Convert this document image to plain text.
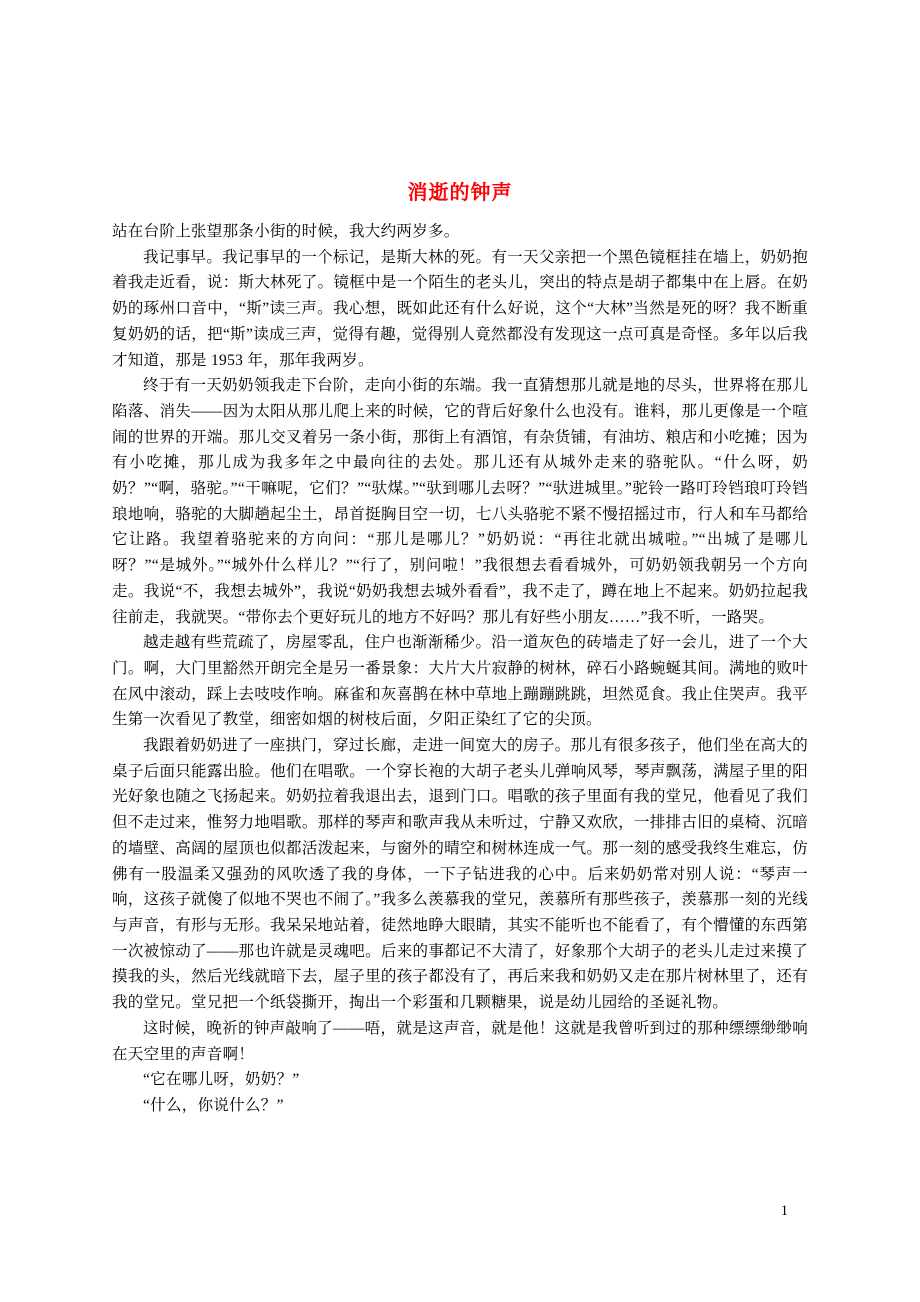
消逝的钟声

站在台阶上张望那条小街的时候，我大约两岁多。

我记事早。我记事早的一个标记，是斯大林的死。有一天父亲把一个黑色镜框挂在墙上，奶奶抱着我走近看，说：斯大林死了。镜框中是一个陌生的老头儿，突出的特点是胡子都集中在上唇。在奶奶的琢州口音中，“斯”读三声。我心想，既如此还有什么好说，这个“大林”当然是死的呀？我不断重复奶奶的话，把“斯”读成三声，觉得有趣，觉得别人竟然都没有发现这一点可真是奇怪。多年以后我才知道，那是 1953 年，那年我两岁。

终于有一天奶奶领我走下台阶，走向小街的东端。我一直猜想那儿就是地的尽头，世界将在那儿陷落、消失——因为太阳从那儿爬上来的时候，它的背后好象什么也没有。谁料，那儿更像是一个喧闹的世界的开端。那儿交叉着另一条小街，那街上有酒馆，有杂货铺，有油坊、粮店和小吃摊；因为有小吃摊，那儿成为我多年之中最向往的去处。那儿还有从城外走来的骆驼队。“什么呀，奶奶？”“啊，骆驼。”“干嘛呢，它们？”“驮煤。”“驮到哪儿去呀？”“驮进城里。”驼铃一路叮玲铛琅叮玲铛琅地响，骆驼的大脚趟起尘土，昂首挺胸目空一切，七八头骆驼不紧不慢招摇过市，行人和车马都给它让路。我望着骆驼来的方向问：“那儿是哪儿？”奶奶说：“再往北就出城啦。”“出城了是哪儿呀？”“是城外。”“城外什么样儿？”“行了，别问啦！”我很想去看看城外，可奶奶领我朝另一个方向走。我说“不，我想去城外”，我说“奶奶我想去城外看看”，我不走了，蹲在地上不起来。奶奶拉起我往前走，我就哭。“带你去个更好玩儿的地方不好吗？那儿有好些小朋友……”我不听，一路哭。

越走越有些荒疏了，房屋零乱，住户也渐渐稀少。沿一道灰色的砖墙走了好一会儿，进了一个大门。啊，大门里豁然开朗完全是另一番景象：大片大片寂静的树林，碎石小路蜿蜒其间。满地的败叶在风中滚动，踩上去吱吱作响。麻雀和灰喜鹊在林中草地上蹦蹦跳跳，坦然觅食。我止住哭声。我平生第一次看见了教堂，细密如烟的树枝后面，夕阳正染红了它的尖顶。

我跟着奶奶进了一座拱门，穿过长廊，走进一间宽大的房子。那儿有很多孩子，他们坐在高大的桌子后面只能露出脸。他们在唱歌。一个穿长袍的大胡子老头儿弹响风琴，琴声飘荡，满屋子里的阳光好象也随之飞扬起来。奶奶拉着我退出去，退到门口。唱歌的孩子里面有我的堂兄，他看见了我们但不走过来，惟努力地唱歌。那样的琴声和歌声我从未听过，宁静又欢欣，一排排古旧的桌椅、沉暗的墙壁、高阔的屋顶也似都活泼起来，与窗外的晴空和树林连成一气。那一刻的感受我终生难忘，仿佛有一股温柔又强劲的风吹透了我的身体，一下子钻进我的心中。后来奶奶常对别人说：“琴声一响，这孩子就傻了似地不哭也不闹了。”我多么羡慕我的堂兄，羡慕所有那些孩子，羡慕那一刻的光线与声音，有形与无形。我呆呆地站着，徒然地睁大眼睛，其实不能听也不能看了，有个懵懂的东西第一次被惊动了——那也许就是灵魂吧。后来的事都记不大清了，好象那个大胡子的老头儿走过来摸了摸我的头，然后光线就暗下去，屋子里的孩子都没有了，再后来我和奶奶又走在那片树林里了，还有我的堂兄。堂兄把一个纸袋撕开，掏出一个彩蛋和几颗糖果，说是幼儿园给的圣诞礼物。

这时候，晚祈的钟声敲响了——唔，就是这声音，就是他！这就是我曾听到过的那种缥缥缈缈响在天空里的声音啊！

“它在哪儿呀，奶奶？”

“什么，你说什么？”

1
